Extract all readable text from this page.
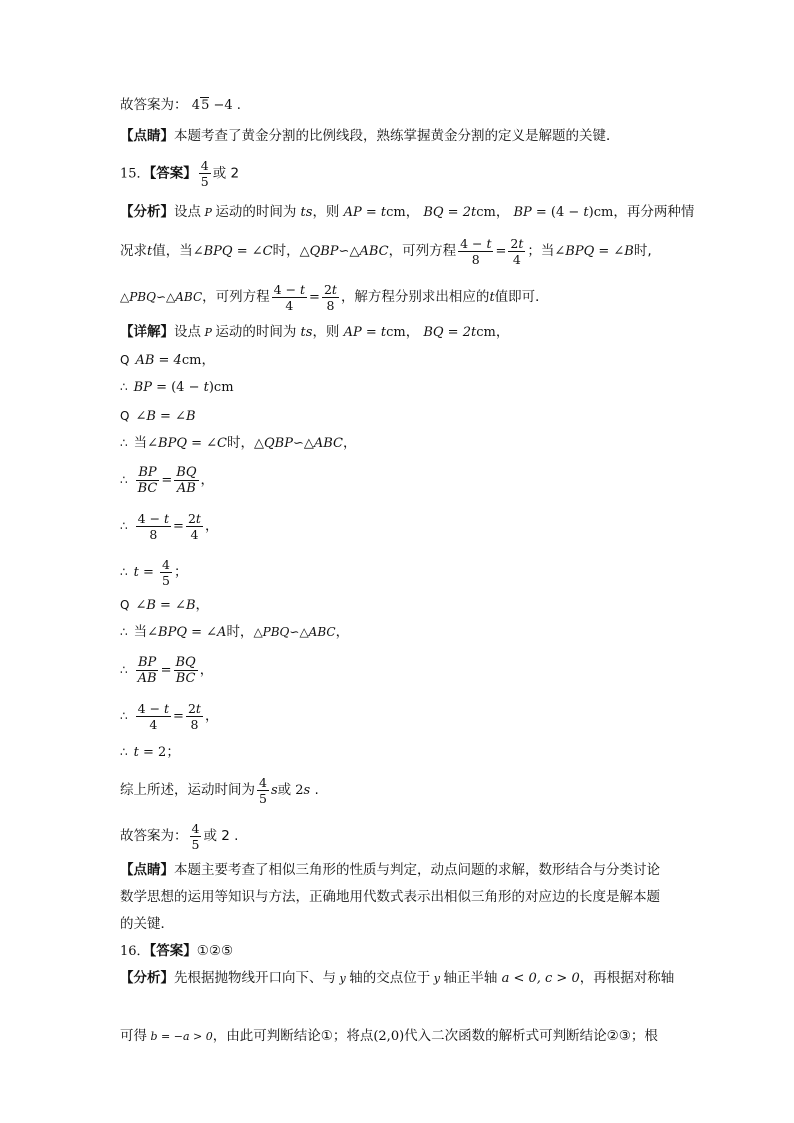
故答案为： 45 −4 .
【点睛】本题考查了黄金分割的比例线段，熟练掌握黄金分割的定义是解题的关键．
15．【答案】 $\frac{4}{5}$ 或 2
【分析】设点 P 运动的时间为 ts，则 AP = tcm， BQ = 2tcm， BP = (4 − t)cm，再分两种情
况求t值，当∠BPQ = ∠C时，△QBP∽△ABC，可列方程 $\frac{4 - t}{8} = \frac{2t}{4}$ ；当∠BPQ = ∠B时,
△PBQ∽△ABC，可列方程 $\frac{4 - t}{4} = \frac{2t}{8}$ ，解方程分别求出相应的t值即可．
【详解】设点 P 运动的时间为 ts，则 AP = tcm， BQ = 2tcm，
Q AB = 4cm，
∴ BP = (4 − t)cm
Q ∠B = ∠B
∴ 当∠BPQ = ∠C时，△QBP∽△ABC，
∴ $\frac{BP}{BC} = \frac{BQ}{AB}$ ，
∴ $\frac{4 - t}{8} = \frac{2t}{4}$ ，
∴ $t = \frac{4}{5}$ ；
Q ∠B = ∠B，
∴ 当∠BPQ = ∠A时，△PBQ∽△ABC，
∴ $\frac{BP}{AB} = \frac{BQ}{BC}$ ，
∴ $\frac{4 - t}{4} = \frac{2t}{8}$ ，
∴ t = 2；
综上所述，运动时间为 $\frac{4}{5}$ s或 2s .
故答案为： $\frac{4}{5}$ 或 2 .
【点睛】本题主要考查了相似三角形的性质与判定，动点问题的求解，数形结合与分类讨论
数学思想的运用等知识与方法，正确地用代数式表示出相似三角形的对应边的长度是解本题
的关键．
16．【答案】①②⑤
【分析】先根据抛物线开口向下、与 y 轴的交点位于 y 轴正半轴 a < 0, c > 0，再根据对称轴
可得 b = −a > 0，由此可判断结论①；将点(2,0)代入二次函数的解析式可判断结论②③；根
